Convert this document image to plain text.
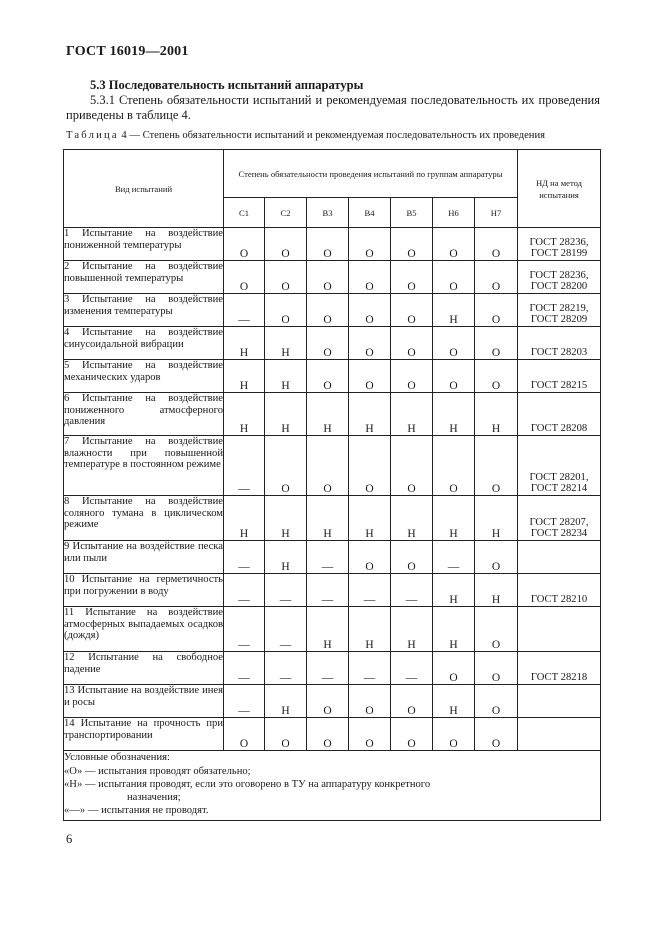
ГОСТ 16019—2001
5.3 Последовательность испытаний аппаратуры
5.3.1 Степень обязательности испытаний и рекомендуемая последовательность их проведения
приведены в таблице 4.
Таблица 4 — Степень обязательности испытаний и рекомендуемая последовательность их проведения
Вид испытаний	Степень обязательности проведения испытаний по группам аппаратуры							НД на метод испытания
	С1	С2	В3	В4	В5	Н6	Н7	
1 Испытание на воздействие пониженной температуры	О	О	О	О	О	О	О	ГОСТ 28236,
ГОСТ 28199
2 Испытание на воздействие повышенной температуры	О	О	О	О	О	О	О	ГОСТ 28236,
ГОСТ 28200
3 Испытание на воздействие изменения температуры	—	О	О	О	О	Н	О	ГОСТ 28219,
ГОСТ 28209
4 Испытание на воздействие синусоидальной вибрации	Н	Н	О	О	О	О	О	ГОСТ 28203
5 Испытание на воздействие механических ударов	Н	Н	О	О	О	О	О	ГОСТ 28215
6 Испытание на воздействие пониженного атмосферного давления	Н	Н	Н	Н	Н	Н	Н	ГОСТ 28208
7 Испытание на воздействие влажности при повышенной температуре в постоянном режиме	—	О	О	О	О	О	О	ГОСТ 28201,
ГОСТ 28214
8 Испытание на воздействие соляного тумана в циклическом режиме	Н	Н	Н	Н	Н	Н	Н	ГОСТ 28207,
ГОСТ 28234
9 Испытание на воздействие песка или пыли	—	Н	—	О	О	—	О	
10 Испытание на герметичность при погружении в воду	—	—	—	—	—	Н	Н	ГОСТ 28210
11 Испытание на воздействие атмосферных выпадаемых осадков (дождя)	—	—	Н	Н	Н	Н	О	
12 Испытание на свободное падение	—	—	—	—	—	О	О	ГОСТ 28218
13 Испытание на воздействие инея и росы	—	Н	О	О	О	Н	О	
14 Испытание на прочность при транспортировании	О	О	О	О	О	О	О	

Условные обозначения:
«О» — испытания проводят обязательно;
«Н» — испытания проводят, если это оговорено в ТУ на аппаратуру конкретного
назначения;
«—» — испытания не проводят.								
6
